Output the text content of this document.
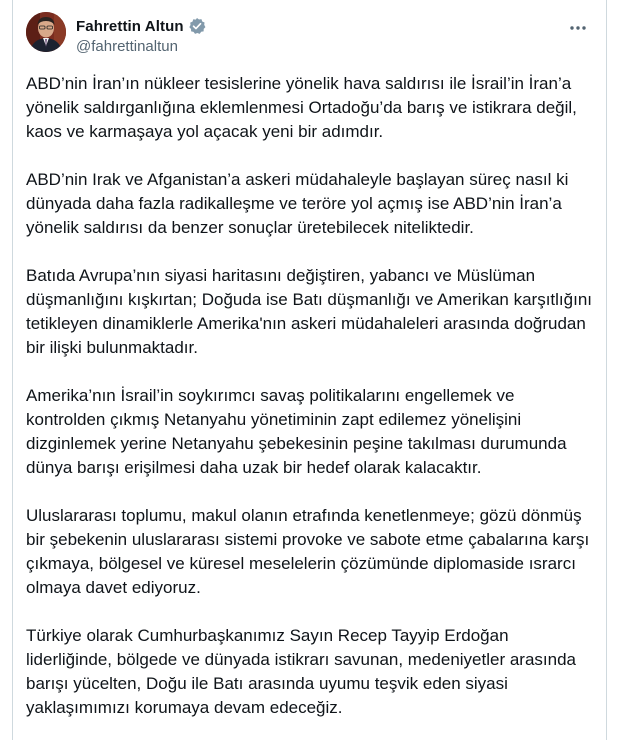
Fahrettin Altun
@fahrettinaltun

ABD’nin İran’ın nükleer tesislerine yönelik hava saldırısı ile İsrail’in İran’a yönelik saldırganlığına eklemlenmesi Ortadoğu’da barış ve istikrara değil, kaos ve karmaşaya yol açacak yeni bir adımdır.

ABD’nin Irak ve Afganistan’a askeri müdahaleyle başlayan süreç nasıl ki dünyada daha fazla radikalleşme ve teröre yol açmış ise ABD’nin İran’a yönelik saldırısı da benzer sonuçlar üretebilecek niteliktedir.

Batıda Avrupa’nın siyasi haritasını değiştiren, yabancı ve Müslüman düşmanlığını kışkırtan; Doğuda ise Batı düşmanlığı ve Amerikan karşıtlığını tetikleyen dinamiklerle Amerika'nın askeri müdahaleleri arasında doğrudan bir ilişki bulunmaktadır.

Amerika’nın İsrail’in soykırımcı savaş politikalarını engellemek ve kontrolden çıkmış Netanyahu yönetiminin zapt edilemez yönelişini dizginlemek yerine Netanyahu şebekesinin peşine takılması durumunda dünya barışı erişilmesi daha uzak bir hedef olarak kalacaktır.

Uluslararası toplumu, makul olanın etrafında kenetlenmeye; gözü dönmüş bir şebekenin uluslararası sistemi provoke ve sabote etme çabalarına karşı çıkmaya, bölgesel ve küresel meselelerin çözümünde diplomaside ısrarcı olmaya davet ediyoruz.

Türkiye olarak Cumhurbaşkanımız Sayın Recep Tayyip Erdoğan liderliğinde, bölgede ve dünyada istikrarı savunan, medeniyetler arasında barışı yücelten, Doğu ile Batı arasında uyumu teşvik eden siyasi yaklaşımımızı korumaya devam edeceğiz.
